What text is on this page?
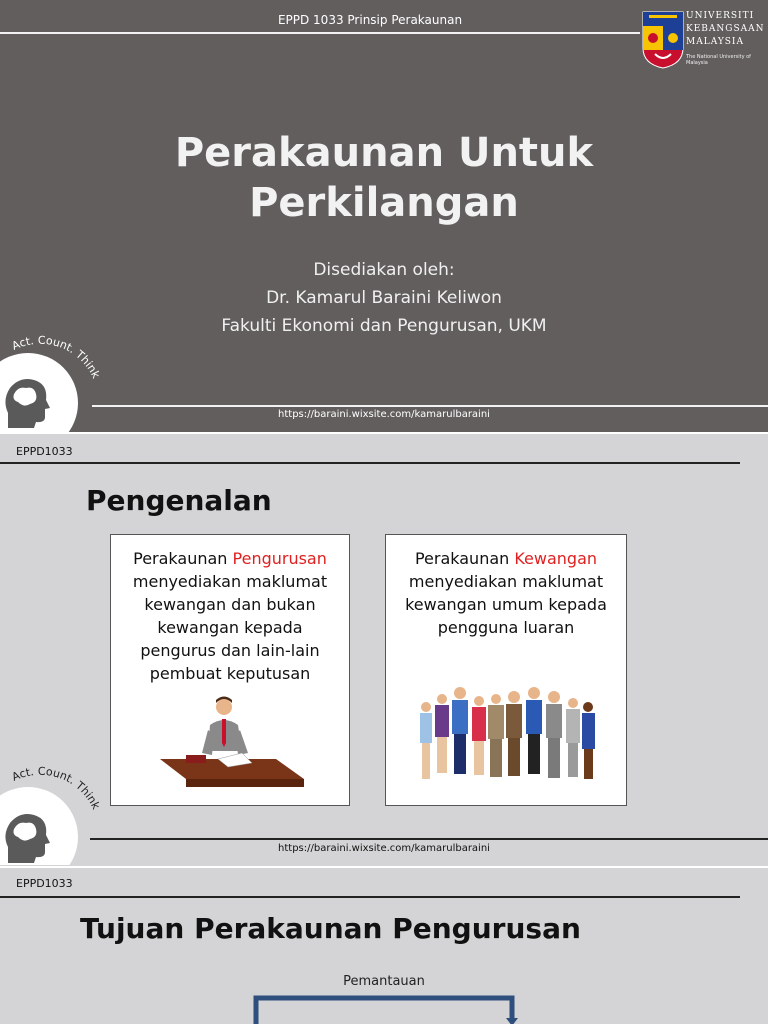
EPPD 1033 Prinsip Perakaunan	UNIVERSITI
KEBANGSAAN
MALAYSIA
The National University of Malaysia
Perakaunan Untuk
Perkilangan
Disediakan oleh:
Dr. Kamarul Baraini Keliwon
Fakulti Ekonomi dan Pengurusan, UKM
Act. Count. Think
https://baraini.wixsite.com/kamarulbaraini
EPPD1033
Pengenalan
Perakaunan Pengurusan menyediakan maklumat kewangan dan bukan kewangan kepada pengurus dan lain-lain pembuat keputusan
Perakaunan Kewangan menyediakan maklumat kewangan umum kepada pengguna luaran
Act. Count. Think
https://baraini.wixsite.com/kamarulbaraini
EPPD1033
Tujuan Perakaunan Pengurusan
Pemantauan
